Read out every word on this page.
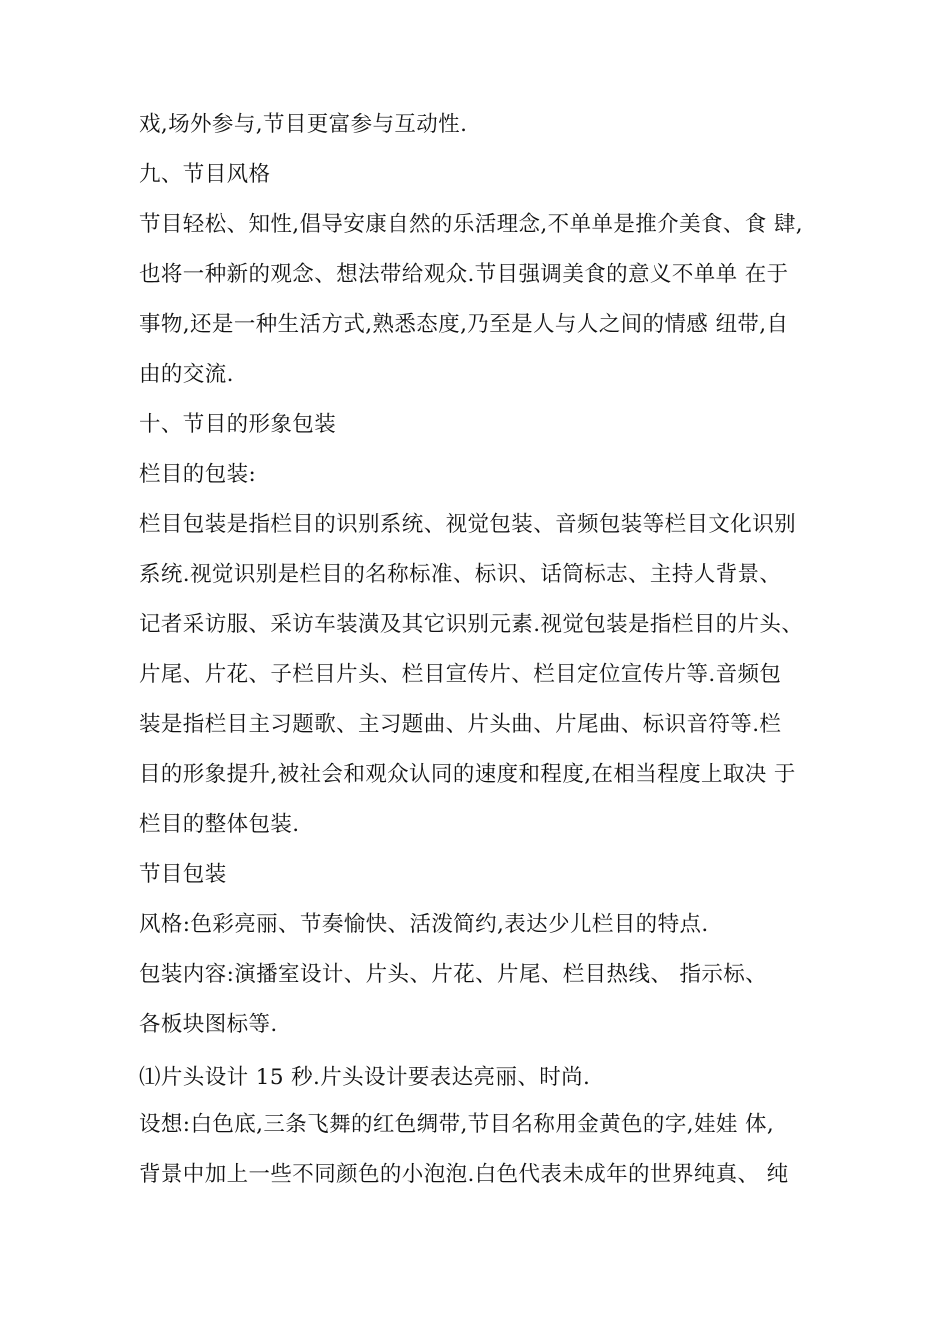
戏,场外参与,节目更富参与互动性.
九、节目风格
节目轻松、知性,倡导安康自然的乐活理念,不单单是推介美食、食 肆,
也将一种新的观念、想法带给观众.节目强调美食的意义不单单 在于
事物,还是一种生活方式,熟悉态度,乃至是人与人之间的情感 纽带,自
由的交流.
十、节目的形象包装
栏目的包装:
栏目包装是指栏目的识别系统、视觉包装、音频包装等栏目文化识别
系统.视觉识别是栏目的名称标准、标识、话筒标志、主持人背景、
记者采访服、采访车装潢及其它识别元素.视觉包装是指栏目的片头、
片尾、片花、子栏目片头、栏目宣传片、栏目定位宣传片等.音频包
装是指栏目主习题歌、主习题曲、片头曲、片尾曲、标识音符等.栏
目的形象提升,被社会和观众认同的速度和程度,在相当程度上取决 于
栏目的整体包装.
节目包装
风格:色彩亮丽、节奏愉快、活泼简约,表达少儿栏目的特点.
包装内容:演播室设计、片头、片花、片尾、栏目热线、 指示标、
各板块图标等.
⑴片头设计 15 秒.片头设计要表达亮丽、时尚.
设想:白色底,三条飞舞的红色绸带,节目名称用金黄色的字,娃娃 体,
背景中加上一些不同颜色的小泡泡.白色代表未成年的世界纯真、 纯
